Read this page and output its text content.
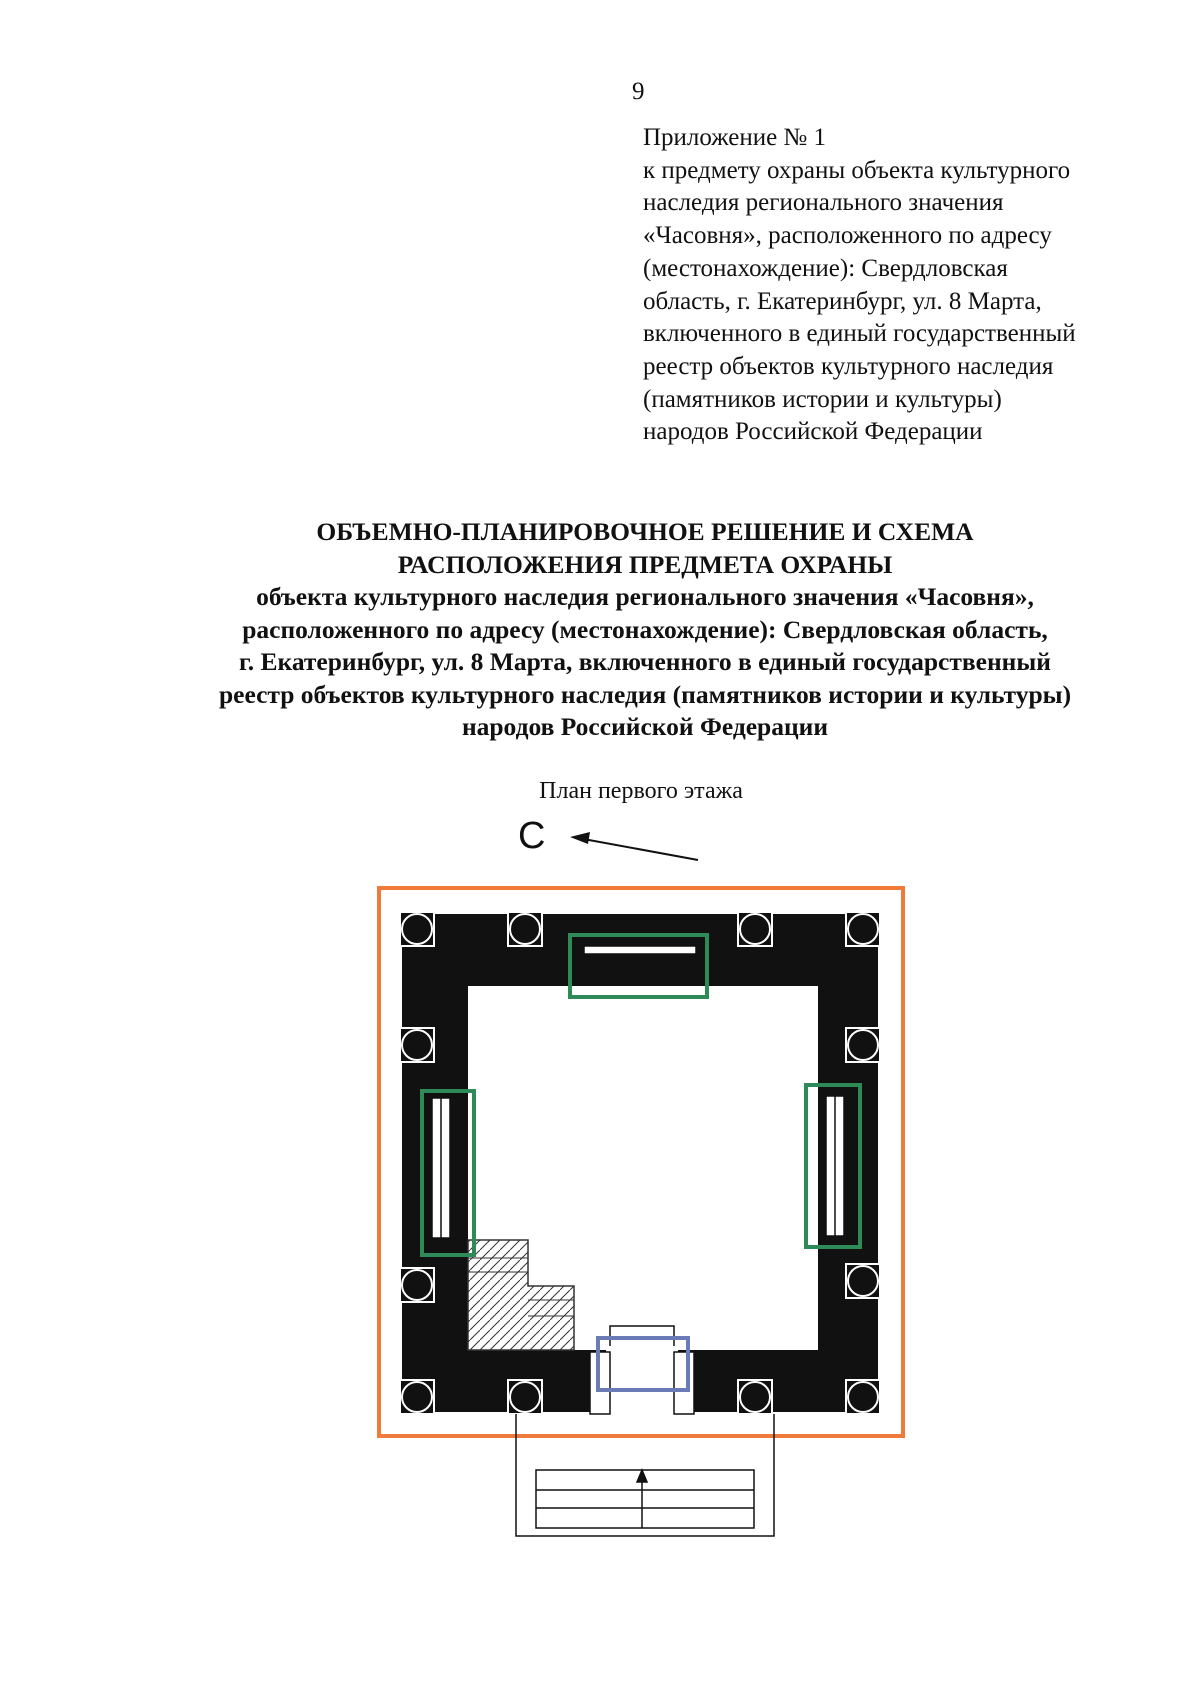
9
Приложение № 1
к предмету охраны объекта культурного
наследия регионального значения
«Часовня», расположенного по адресу
(местонахождение): Свердловская
область, г. Екатеринбург, ул. 8 Марта,
включенного в единый государственный
реестр объектов культурного наследия
(памятников истории и культуры)
народов Российской Федерации
ОБЪЕМНО-ПЛАНИРОВОЧНОЕ РЕШЕНИЕ И СХЕМА
РАСПОЛОЖЕНИЯ ПРЕДМЕТА ОХРАНЫ
объекта культурного наследия регионального значения «Часовня»,
расположенного по адресу (местонахождение): Свердловская область,
г. Екатеринбург, ул. 8 Марта, включенного в единый государственный
реестр объектов культурного наследия (памятников истории и культуры)
народов Российской Федерации
План первого этажа
С
